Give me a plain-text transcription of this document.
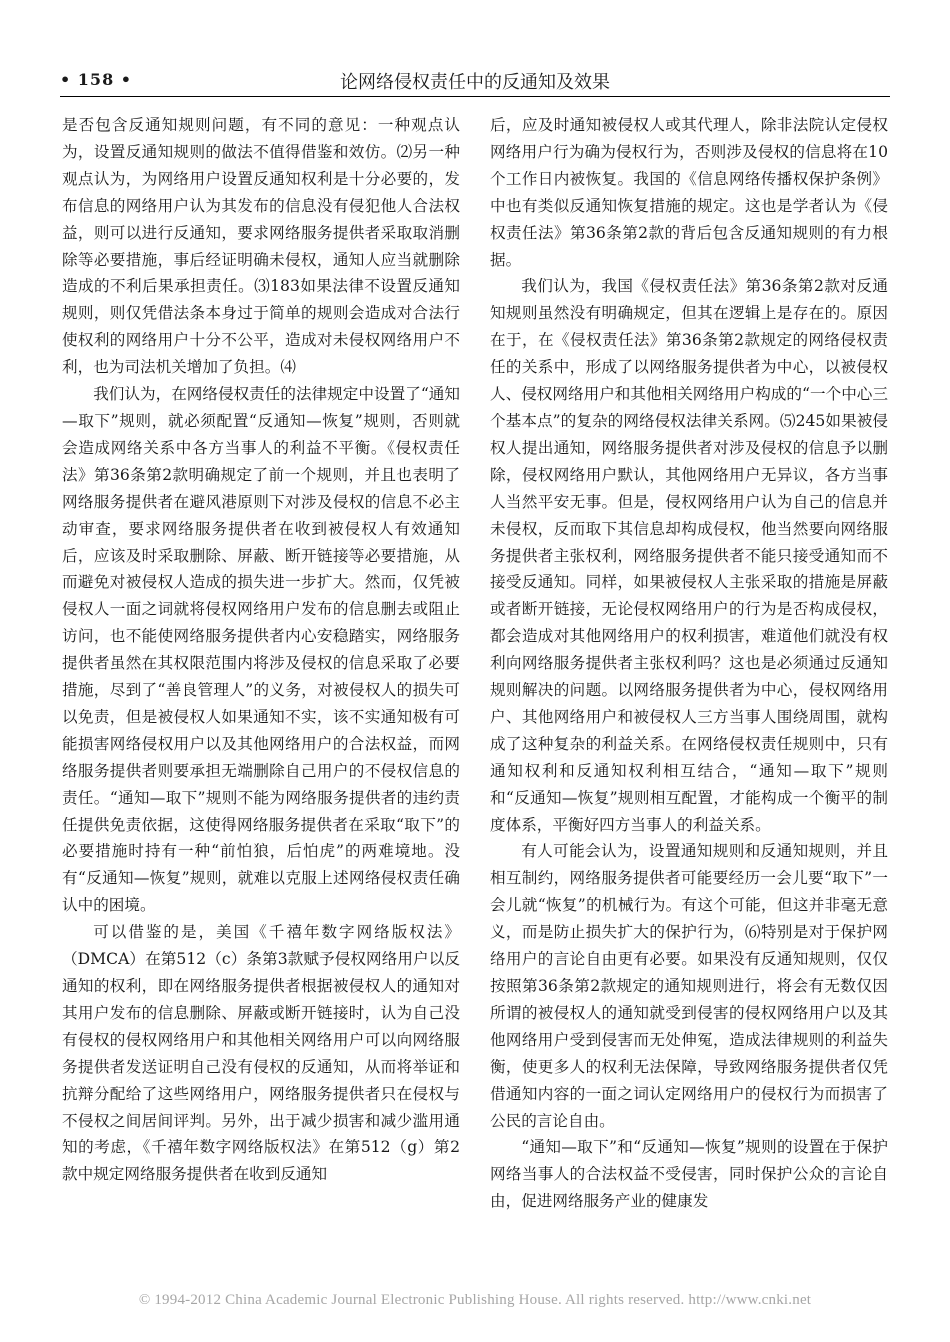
• 158 •	论网络侵权责任中的反通知及效果

是否包含反通知规则问题，有不同的意见：一种观点认为，设置反通知规则的做法不值得借鉴和效仿。⑵另一种观点认为，为网络用户设置反通知权利是十分必要的，发布信息的网络用户认为其发布的信息没有侵犯他人合法权益，则可以进行反通知，要求网络服务提供者采取取消删除等必要措施，事后经证明确未侵权，通知人应当就删除造成的不利后果承担责任。⑶183如果法律不设置反通知规则，则仅凭借法条本身过于简单的规则会造成对合法行使权利的网络用户十分不公平，造成对未侵权网络用户不利，也为司法机关增加了负担。⑷

我们认为，在网络侵权责任的法律规定中设置了“通知—取下”规则，就必须配置“反通知—恢复”规则，否则就会造成网络关系中各方当事人的利益不平衡。《侵权责任法》第36条第2款明确规定了前一个规则，并且也表明了网络服务提供者在避风港原则下对涉及侵权的信息不必主动审查，要求网络服务提供者在收到被侵权人有效通知后，应该及时采取删除、屏蔽、断开链接等必要措施，从而避免对被侵权人造成的损失进一步扩大。然而，仅凭被侵权人一面之词就将侵权网络用户发布的信息删去或阻止访问，也不能使网络服务提供者内心安稳踏实，网络服务提供者虽然在其权限范围内将涉及侵权的信息采取了必要措施，尽到了“善良管理人”的义务，对被侵权人的损失可以免责，但是被侵权人如果通知不实，该不实通知极有可能损害网络侵权用户以及其他网络用户的合法权益，而网络服务提供者则要承担无端删除自己用户的不侵权信息的责任。“通知—取下”规则不能为网络服务提供者的违约责任提供免责依据，这使得网络服务提供者在采取“取下”的必要措施时持有一种“前怕狼，后怕虎”的两难境地。没有“反通知—恢复”规则，就难以克服上述网络侵权责任确认中的困境。

可以借鉴的是，美国《千禧年数字网络版权法》（DMCA）在第512（c）条第3款赋予侵权网络用户以反通知的权利，即在网络服务提供者根据被侵权人的通知对其用户发布的信息删除、屏蔽或断开链接时，认为自己没有侵权的侵权网络用户和其他相关网络用户可以向网络服务提供者发送证明自己没有侵权的反通知，从而将举证和抗辩分配给了这些网络用户，网络服务提供者只在侵权与不侵权之间居间评判。另外，出于减少损害和减少滥用通知的考虑，《千禧年数字网络版权法》在第512（g）第2款中规定网络服务提供者在收到反通知

后，应及时通知被侵权人或其代理人，除非法院认定侵权网络用户行为确为侵权行为，否则涉及侵权的信息将在10个工作日内被恢复。我国的《信息网络传播权保护条例》中也有类似反通知恢复措施的规定。这也是学者认为《侵权责任法》第36条第2款的背后包含反通知规则的有力根据。

我们认为，我国《侵权责任法》第36条第2款对反通知规则虽然没有明确规定，但其在逻辑上是存在的。原因在于，在《侵权责任法》第36条第2款规定的网络侵权责任的关系中，形成了以网络服务提供者为中心，以被侵权人、侵权网络用户和其他相关网络用户构成的“一个中心三个基本点”的复杂的网络侵权法律关系网。⑸245如果被侵权人提出通知，网络服务提供者对涉及侵权的信息予以删除，侵权网络用户默认，其他网络用户无异议，各方当事人当然平安无事。但是，侵权网络用户认为自己的信息并未侵权，反而取下其信息却构成侵权，他当然要向网络服务提供者主张权利，网络服务提供者不能只接受通知而不接受反通知。同样，如果被侵权人主张采取的措施是屏蔽或者断开链接，无论侵权网络用户的行为是否构成侵权，都会造成对其他网络用户的权利损害，难道他们就没有权利向网络服务提供者主张权利吗？这也是必须通过反通知规则解决的问题。以网络服务提供者为中心，侵权网络用户、其他网络用户和被侵权人三方当事人围绕周围，就构成了这种复杂的利益关系。在网络侵权责任规则中，只有通知权利和反通知权利相互结合，“通知—取下”规则和“反通知—恢复”规则相互配置，才能构成一个衡平的制度体系，平衡好四方当事人的利益关系。

有人可能会认为，设置通知规则和反通知规则，并且相互制约，网络服务提供者可能要经历一会儿要“取下”一会儿就“恢复”的机械行为。有这个可能，但这并非毫无意义，而是防止损失扩大的保护行为，⑹特别是对于保护网络用户的言论自由更有必要。如果没有反通知规则，仅仅按照第36条第2款规定的通知规则进行，将会有无数仅因所谓的被侵权人的通知就受到侵害的侵权网络用户以及其他网络用户受到侵害而无处伸冤，造成法律规则的利益失衡，使更多人的权利无法保障，导致网络服务提供者仅凭借通知内容的一面之词认定网络用户的侵权行为而损害了公民的言论自由。

“通知—取下”和“反通知—恢复”规则的设置在于保护网络当事人的合法权益不受侵害，同时保护公众的言论自由，促进网络服务产业的健康发

© 1994-2012 China Academic Journal Electronic Publishing House. All rights reserved. http://www.cnki.net
